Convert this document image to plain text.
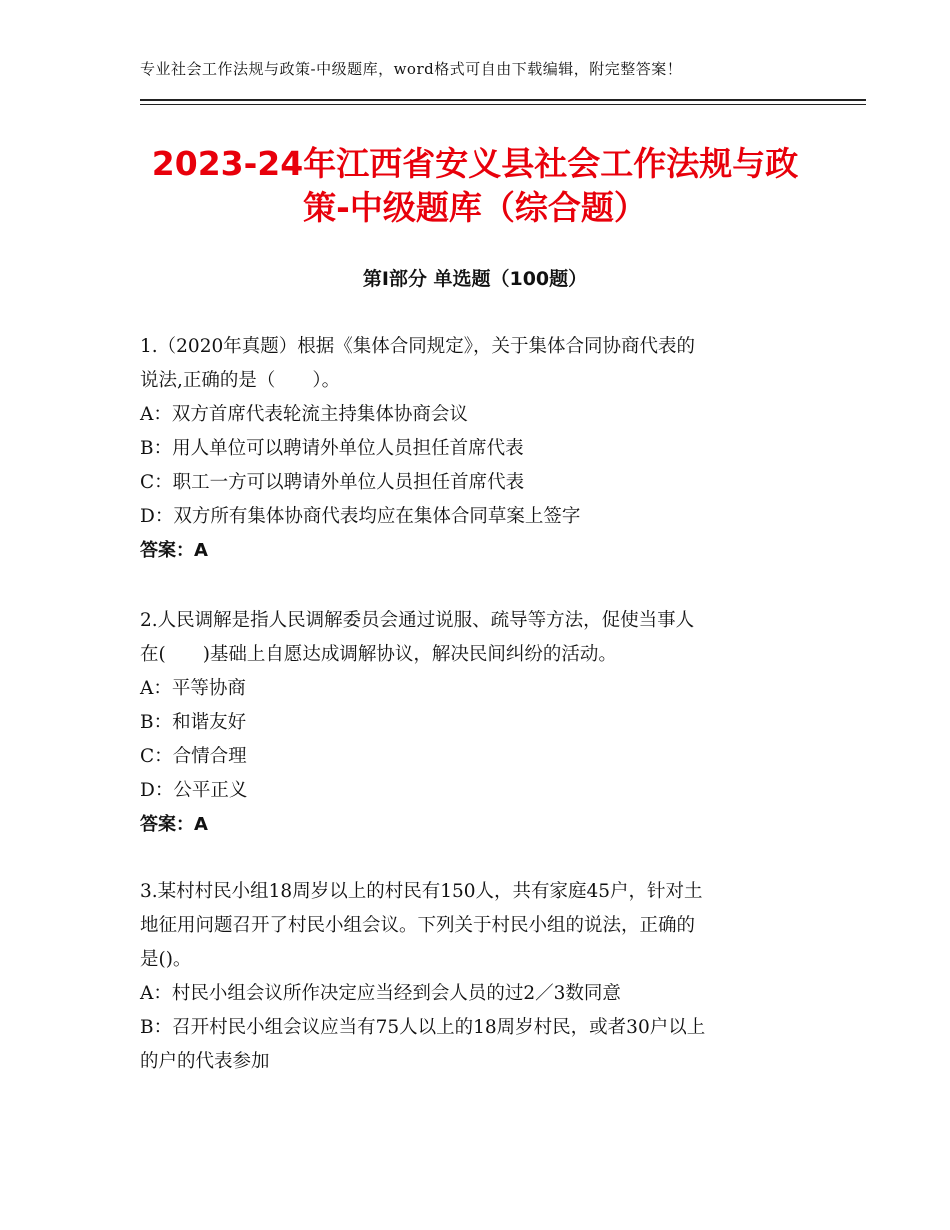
专业社会工作法规与政策-中级题库，word格式可自由下载编辑，附完整答案！
2023-24年江西省安义县社会工作法规与政
策-中级题库（综合题）
第Ⅰ部分 单选题（100题）
1.（2020年真题）根据《集体合同规定》，关于集体合同协商代表的
说法,正确的是（　　）。
A：双方首席代表轮流主持集体协商会议
B：用人单位可以聘请外单位人员担任首席代表
C：职工一方可以聘请外单位人员担任首席代表
D：双方所有集体协商代表均应在集体合同草案上签字
答案：A
2.人民调解是指人民调解委员会通过说服、疏导等方法，促使当事人
在(　　)基础上自愿达成调解协议，解决民间纠纷的活动。
A：平等协商
B：和谐友好
C：合情合理
D：公平正义
答案：A
3.某村村民小组18周岁以上的村民有150人，共有家庭45户，针对土
地征用问题召开了村民小组会议。下列关于村民小组的说法，正确的
是()。
A：村民小组会议所作决定应当经到会人员的过2／3数同意
B：召开村民小组会议应当有75人以上的18周岁村民，或者30户以上
的户的代表参加
